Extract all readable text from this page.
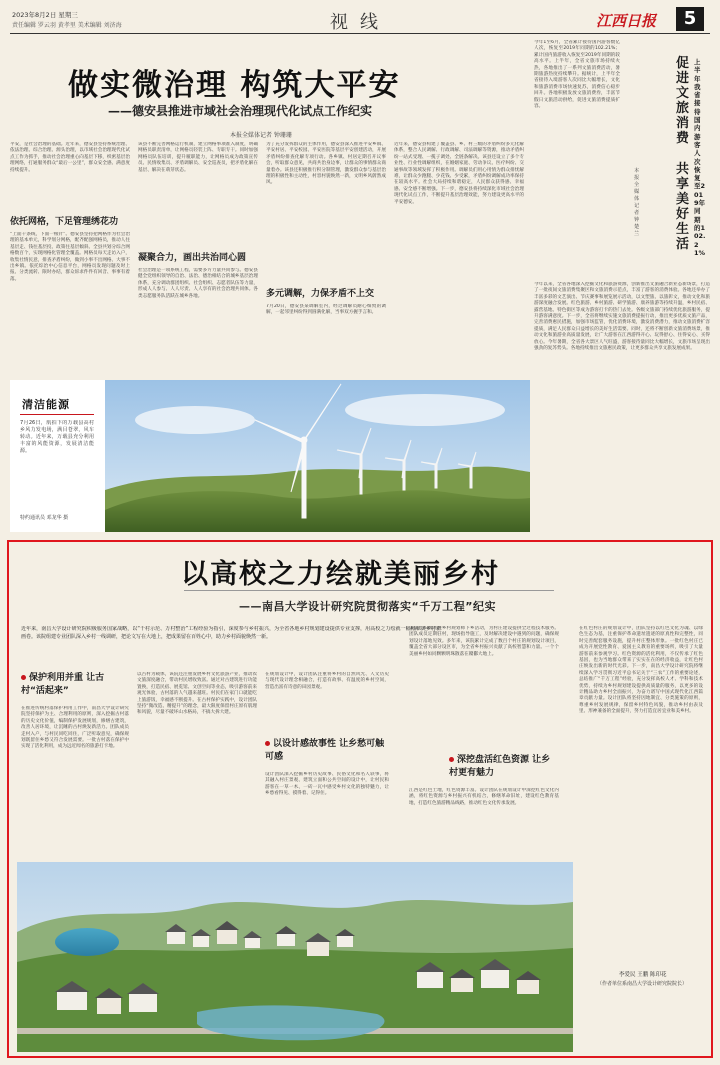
2023年8月2日 星期三
责任编辑 罗云羽 黄孝里 美术编辑 刘济海	视线	江西日报	5
做实微治理 构筑大平安
——德安县推进市域社会治理现代化试点工作纪实
本报全媒体记者 钟珊珊
平安，是社会治理的基础。近年来，德安县坚持系统治理、依法治理、综合治理、源头治理，以市域社会治理现代化试点工作为抓手，推动社会治理重心向基层下移，织密基层治理网络，打通服务群众“最后一公里”，群众安全感、满意度持续提升。
依托网格，下足管理绣花功
“上面千条线，下面一根针”。德安县坚持把网格作为社会治理的基本单元，科学划分网格，配齐配强网格员，推动人往基层走、钱往基层投、政策往基层倾斜。全县共划分综合网格数百个，实现网格化管理全覆盖。网格员每天走访入户，收集社情民意，排查矛盾纠纷，做到小事不出网格、大事不出乡镇。依托综治中心信息平台，网格员发现问题及时上报、分类流转、限时办结，群众诉求件件有回音、事事有着落。
该县不断完善网格运行机制，建立网格事项准入制度，明确网格员职责清单，让网格员轻装上阵、专职专干。同时加强网格员队伍培训，提升履职能力，让网格员成为政策宣传员、民情收集员、矛盾调解员、安全巡查员，把矛盾化解在基层、解决在萌芽状态。
凝聚合力，画出共治同心圆
社会治理是一项系统工程，需要多方力量共同参与。德安县健全党组织领导的自治、法治、德治相结合的城乡基层治理体系，充分调动群团组织、社会组织、志愿者队伍等力量，形成人人参与、人人尽责、人人享有的社会治理共同体。各类志愿服务队活跃在城乡各地。
为了充分发挥群众的主体作用，德安县深入推进平安乡镇、平安村居、平安校园、平安医院等基层平安创建活动，开展矛盾纠纷排查化解专项行动。各乡镇、村居定期召开议事会，听取群众意见，共商共治身边事，让群众的事情群众商量着办。该县还积极推行积分制管理，激发群众参与基层治理的积极性和主动性，村容村貌焕然一新，文明乡风蔚然成风。
多元调解，力保矛盾不上交
7月20日，德安县某调解室内，经过调解员耐心细致的调解，一起邻里纠纷得到圆满化解，当事双方握手言和。
近年来，德安县构建了覆盖县、乡、村三级的矛盾纠纷多元化解体系，整合人民调解、行政调解、司法调解等资源，推动矛盾纠纷一站式受理、一揽子调处、全链条解决。该县还设立了多个专业性、行业性调解组织，在婚姻家庭、劳动争议、医疗纠纷、交通事故等领域发挥了积极作用。调解员们用心用情为群众排忧解难，让群众少跑腿、少花钱、少受累，矛盾纠纷调解成功率保持在较高水平。社会大局持续和谐稳定，人民群众获得感、幸福感、安全感不断增强。下一步，德安县将持续深化市域社会治理现代化试点工作，不断提升基层治理效能，努力建设更高水平的平安德安。
今年1至6月，全省累计接待国内游客数亿人次，恢复至2019年同期的102.21%；累计国内旅游收入恢复至2019年同期的较高水平。上半年，全省文旅市场持续火热，各地推出了一系列文旅消费活动，暑期旅游热度持续攀升。据统计，上半年全省接待入境游客人次同比大幅增长，文化和旅游消费市场快速复苏，消费信心稳步回升。各地积极发放文旅消费券，丰富节假日文旅活动供给，促进文旅消费提质扩容。
促进文旅消费
共享美好生活
上半年我省接待国内游客人次恢复至2019年同期的102.21%
本报全媒体记者 钟楚兰
今年以来，全省各地深入挖掘文化和旅游资源，创新推出文旅融合新业态新场景，打造了一批夜间文旅消费集聚区和文旅消费示范点，丰富了游客的消费体验。各地还举办了丰富多彩的文艺演出、节庆赛事和展览展示活动，以文塑旅、以旅彰文，推动文化和旅游深度融合发展。红色旅游、乡村旅游、研学旅游、康养旅游等持续升温，乡村民宿、露营基地、特色街区等成为游客打卡的热门去处。各级文旅部门持续优化旅游服务，提升游客满意度。下一步，全省将继续实施文旅消费提振行动，推出更多优质文旅产品，完善消费惠民措施，加强市场监管，优化消费环境，激发消费潜力，推动文旅消费扩容提质，满足人民群众日益增长的美好生活需要。同时，还将不断创新文旅消费场景，推动文化和旅游业高质量发展，让广大游客在江西游得开心、玩得舒心、住得安心、买得放心。今年暑期，全省各大景区人气旺盛，游客接待量同比大幅增长，文旅市场呈现出强劲的复苏势头。各地持续推出文旅惠民政策，让更多群众共享文旅发展成果。
清洁能源
7月26日，航拍下的万载县高村乡风力发电场，满目苍翠，风车转动。近年来，万载县充分利用丰富的风能资源，发展清洁能源。
特约通讯员 邓龙华 摄
以高校之力绘就美丽乡村
——南昌大学设计研究院贯彻落实“千万工程”纪实
近年来，南昌大学设计研究院积极服务国家战略，以“千村示范、万村整治”工程经验为指引，深度参与乡村振兴，为全省各地乡村规划建设提供专业支撑，用高校之力绘就一幅幅和美乡村新画卷。该院组建专业团队深入乡村一线调研，把论文写在大地上，把成果留在百姓心中，助力乡村面貌焕然一新。
保护利用并重 让古村“活起来”
在推进传统村落保护利用工作中，南昌大学设计研究院坚持保护为主、合理利用的原则，深入挖掘古村落的历史文化价值，编制保护发展规划，修缮古建筑，改善人居环境，让沉睡的古村焕发新活力。团队成员走村入户，与村民同吃同住，广泛听取意见，确保规划既留住乡愁又符合发展需要。一批古村落在保护中实现了活化利用，成为远近闻名的旅游打卡地。
以古村为载体，该院还注重发展乡村文化旅游产业，推动农文旅深度融合，带动村民增收致富。通过对古建筑进行功能置换，打造民宿、展览馆、文创空间等业态，吸引游客前来观光体验，古村落的人气越来越旺。村民们在家门口就能吃上旅游饭，幸福感不断提升。在古村保护实践中，设计团队坚持“微改造、精提升”的理念，最大限度保留村庄原有肌理和风貌，尽量不破坏山水格局，不搞大拆大建。
在规划设计中，设计团队注重将乡村的自然风光、人文历史与现代设计理念相融合，打造有故事、有温度的乡村空间，营造出富有诗意的田园景观。
以设计感故事性 让乡愁可触可感
设计团队深入挖掘乡村历史故事、民俗文化和名人轶事，将其融入村庄景观、建筑立面和公共空间的设计中，让村民和游客在一草一木、一砖一瓦中感受乡村文化的独特魅力，让乡愁看得见、摸得着、记得住。
该院还积极开展乡村规划师下乡活动，为村庄建设提供全过程技术服务。团队成员定期驻村，现场指导施工，及时解决建设中遇到的问题，确保规划设计落地见效。多年来，该院累计完成了数百个村庄的规划设计项目，覆盖全省大部分设区市，为全省乡村振兴贡献了高校智慧和力量。一个个美丽乡村如同颗颗明珠散落在赣鄱大地上。
深挖盘活红色资源 让乡村更有魅力
江西是红色土地，红色资源丰富。设计团队在规划设计中深挖红色文化内涵，将红色资源与乡村振兴有机结合，修缮革命旧址，建设红色教育基地，打造红色旅游精品线路，推动红色文化传承发展。
在红色村庄的规划设计中，团队坚持以红色文化为魂、以绿色生态为基，注重保护革命遗址遗迹的原真性和完整性，同时完善配套服务设施，提升村庄整体形象。一批红色村庄已成为开展党性教育、爱国主义教育的重要场所，吸引了大量游客前来参观学习。红色资源的活化利用，不仅传承了红色基因，也为当地群众带来了实实在在的经济收益，让红色村庄焕发出新的时代光彩。下一步，南昌大学设计研究院将继续深入学习贯彻习近平总书记关于“三农”工作的重要论述，总结推广“千万工程”经验，充分发挥高校人才、学科和技术优势，持续为乡村规划建设提供高质量的服务，以更多的设计精品助力乡村全面振兴，为奋力谱写中国式现代化江西篇章贡献力量。设计团队将坚持因地制宜、分类施策的原则，尊重乡村发展规律，保留乡村特色风貌，推动乡村由表及里、形神兼备的全面提升，努力打造宜居宜业和美乡村。
李爱民 王鹏 陈印花
（作者单位系南昌大学设计研究院院长）
